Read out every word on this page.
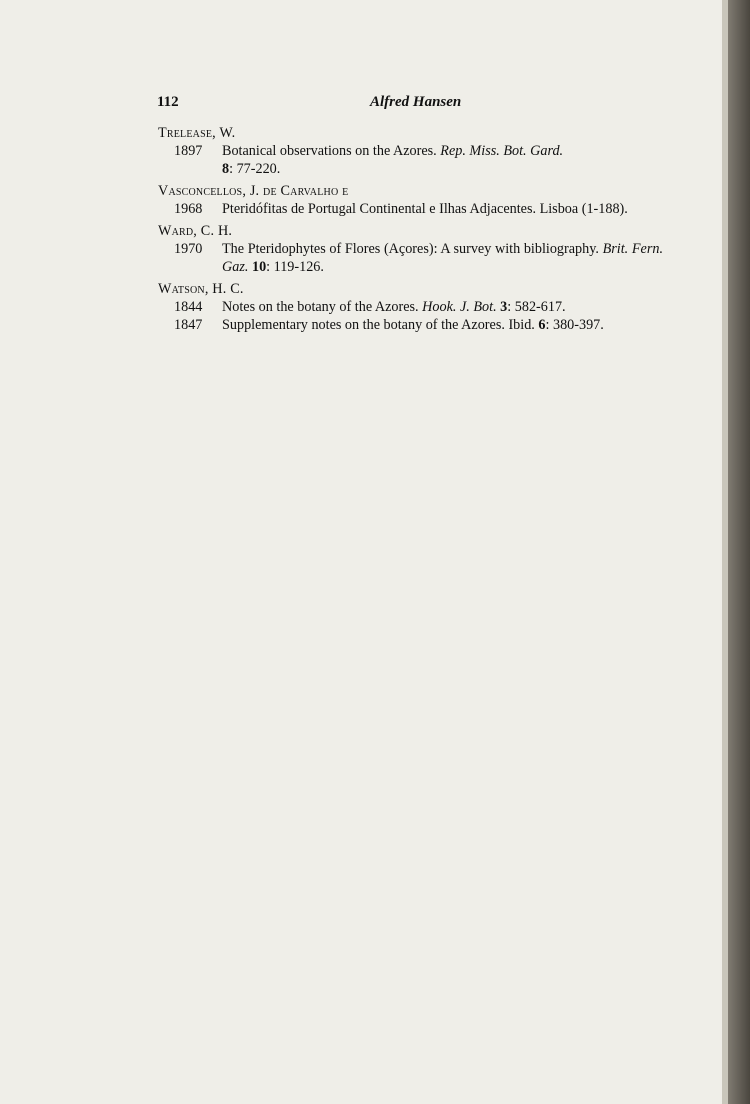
112	Alfred Hansen
Trelease, W.
1897	Botanical observations on the Azores. Rep. Miss. Bot. Gard.
8: 77-220.
Vasconcellos, J. de Carvalho e
1968	Pteridófitas de Portugal Continental e Ilhas Adjacentes. Lisboa (1-188).
Ward, C. H.
1970	The Pteridophytes of Flores (Açores): A survey with bibliography. Brit. Fern. Gaz. 10: 119-126.
Watson, H. C.
1844	Notes on the botany of the Azores. Hook. J. Bot. 3: 582-617.
1847	Supplementary notes on the botany of the Azores. Ibid. 6: 380-397.
